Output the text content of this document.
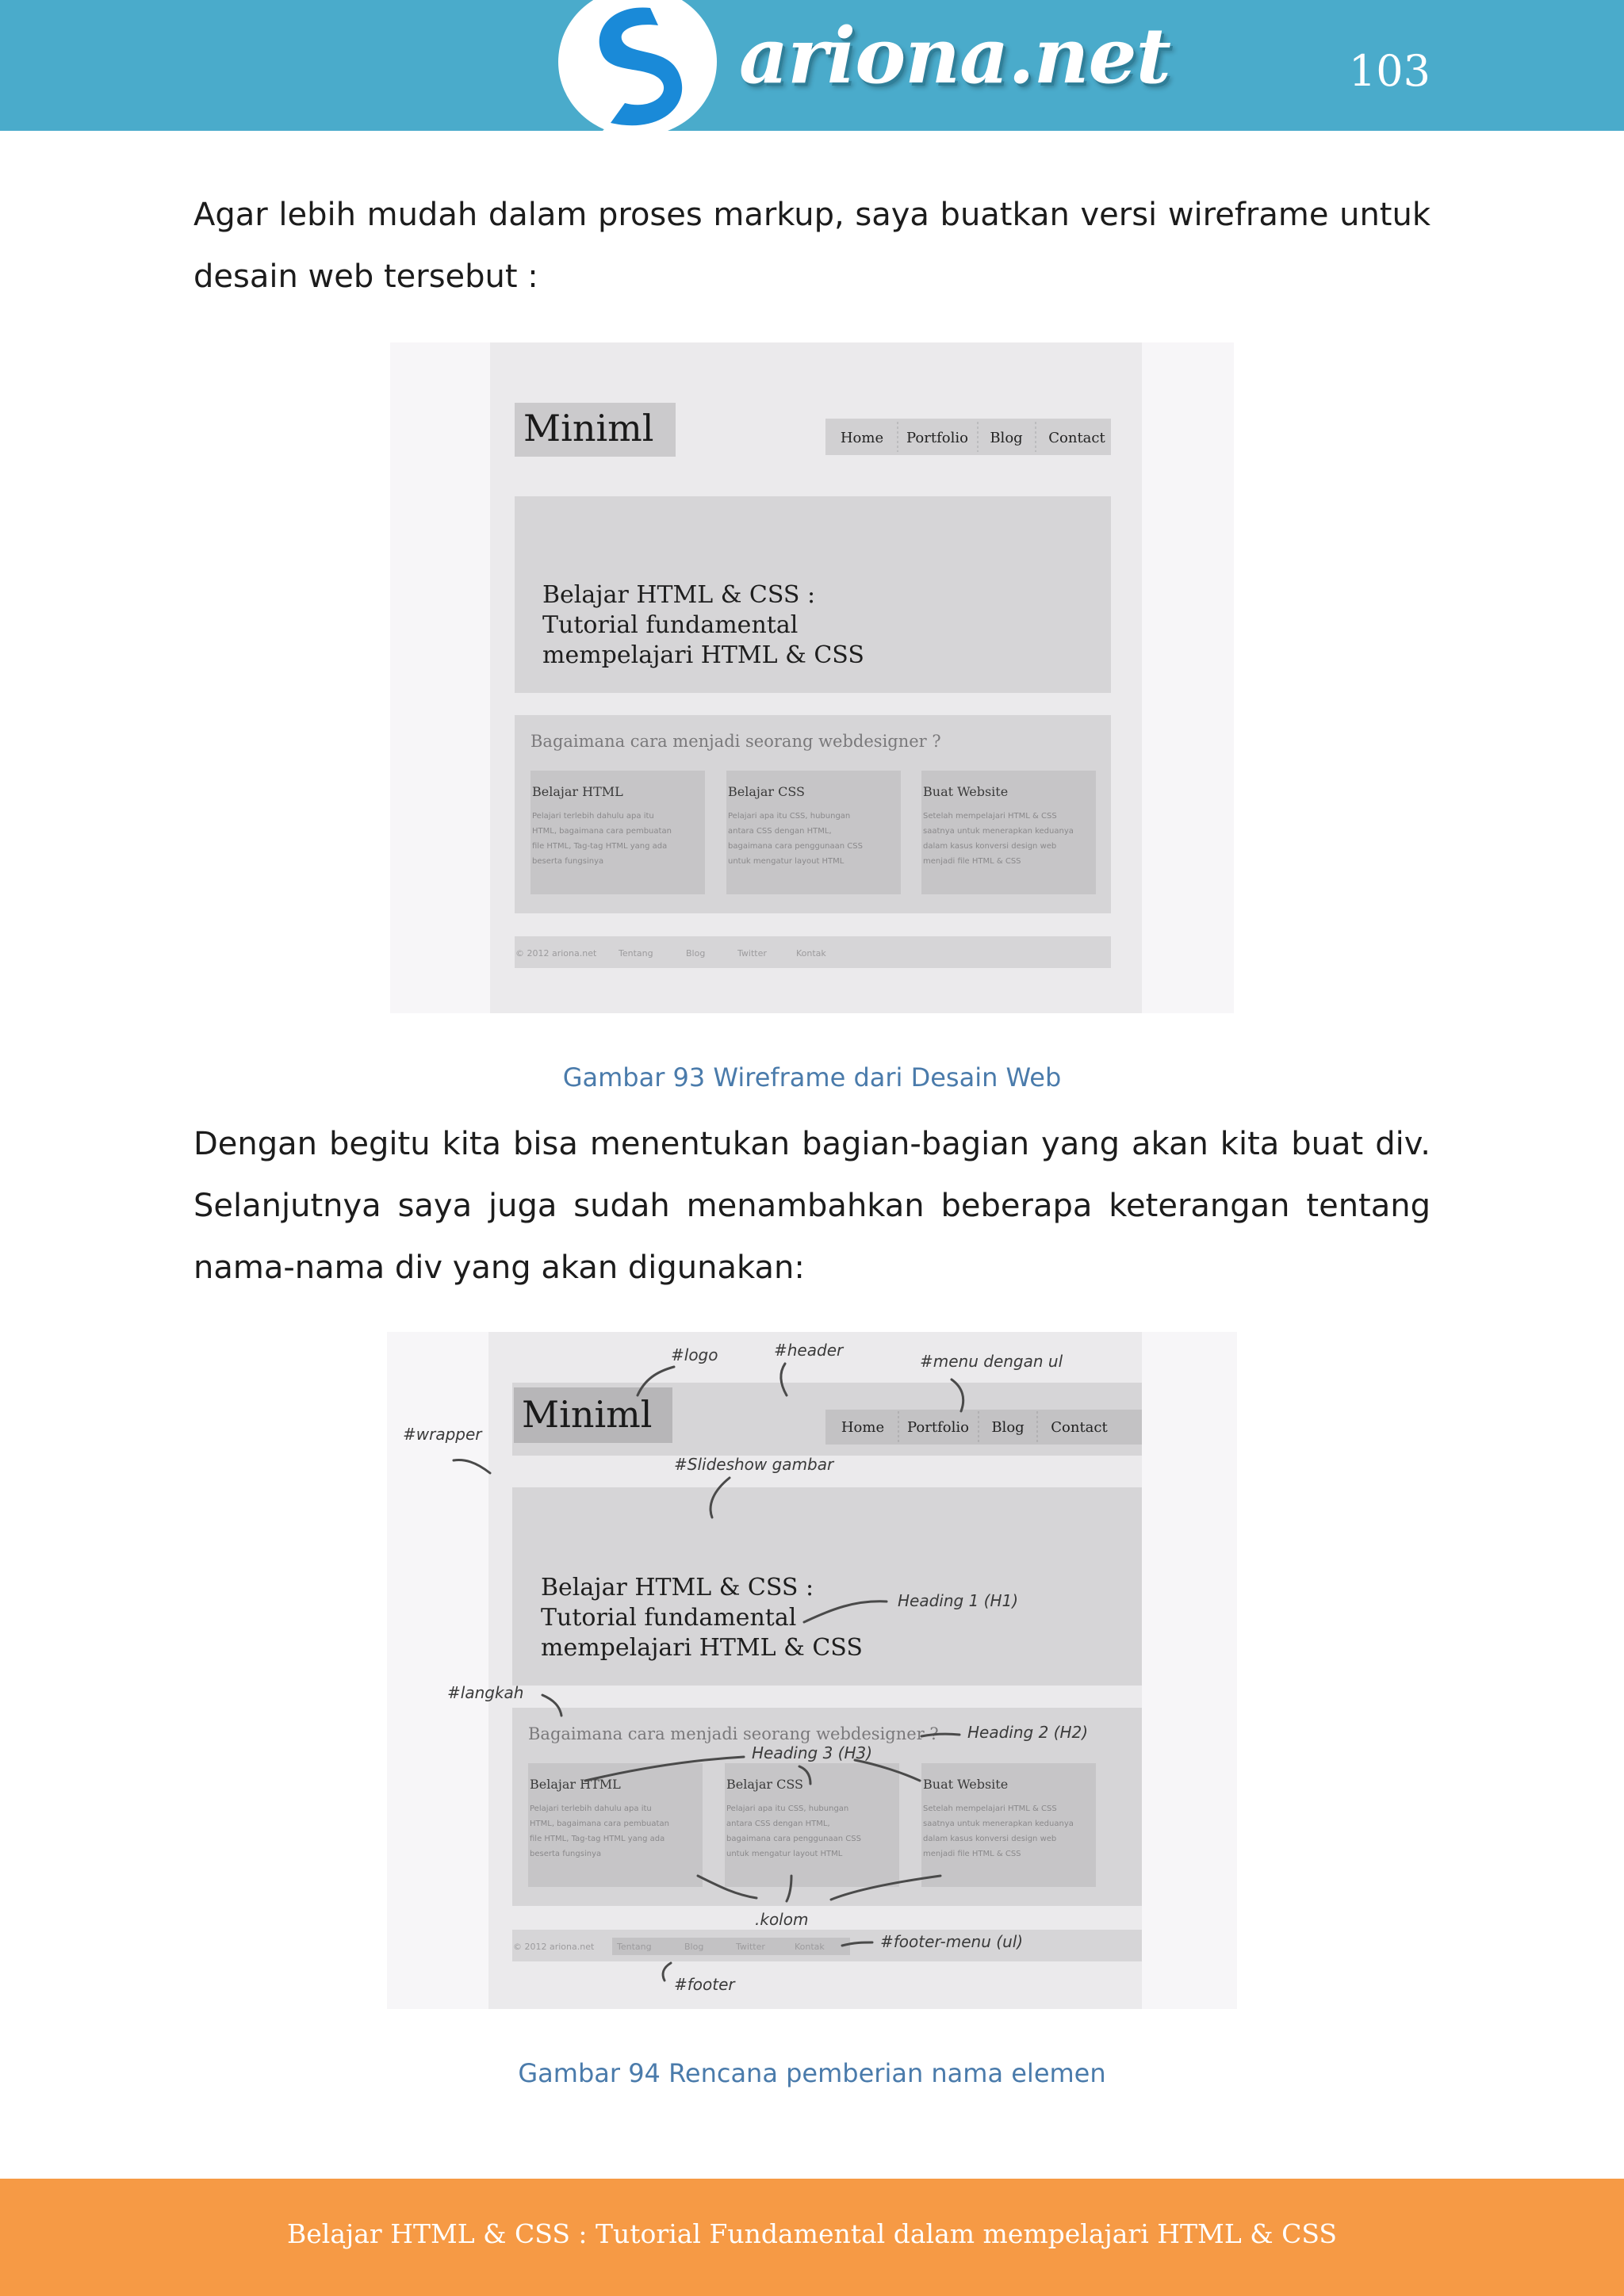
ariona.net	103

Agar lebih mudah dalam proses markup, saya buatkan versi wireframe untuk desain web tersebut :

Miniml	Home Portfolio Blog Contact
Belajar HTML & CSS :
Tutorial fundamental
mempelajari HTML & CSS
Bagaimana cara menjadi seorang webdesigner ?
Belajar HTML	Belajar CSS	Buat Website
Pelajari terlebih dahulu apa itu
HTML, bagaimana cara pembuatan
file HTML, Tag-tag HTML yang ada
beserta fungsinya
Pelajari apa itu CSS, hubungan
antara CSS dengan HTML,
bagaimana cara penggunaan CSS
untuk mengatur layout HTML
Setelah mempelajari HTML & CSS
saatnya untuk menerapkan keduanya
dalam kasus konversi design web
menjadi file HTML & CSS
© 2012 ariona.net	Tentang	Blog	Twitter	Kontak
Gambar 93 Wireframe dari Desain Web

Dengan begitu kita bisa menentukan bagian-bagian yang akan kita buat div. Selanjutnya saya juga sudah menambahkan beberapa keterangan tentang nama-nama div yang akan digunakan:

Miniml	Home Portfolio Blog Contact
Belajar HTML & CSS :
Tutorial fundamental
mempelajari HTML & CSS
Bagaimana cara menjadi seorang webdesigner ?
Belajar HTML	Belajar CSS	Buat Website
Pelajari terlebih dahulu apa itu
HTML, bagaimana cara pembuatan
file HTML, Tag-tag HTML yang ada
beserta fungsinya
Pelajari apa itu CSS, hubungan
antara CSS dengan HTML,
bagaimana cara penggunaan CSS
untuk mengatur layout HTML
Setelah mempelajari HTML & CSS
saatnya untuk menerapkan keduanya
dalam kasus konversi design web
menjadi file HTML & CSS
© 2012 ariona.net	Tentang	Blog	Twitter	Kontak
#logo	#header
#menu dengan ul
#wrapper
#Slideshow gambar
Heading 1 (H1)
#langkah
Heading 2 (H2)
Heading 3 (H3)
.kolom
#footer-menu (ul)
#footer
Gambar 94 Rencana pemberian nama elemen
Belajar HTML & CSS : Tutorial Fundamental dalam mempelajari HTML & CSS
